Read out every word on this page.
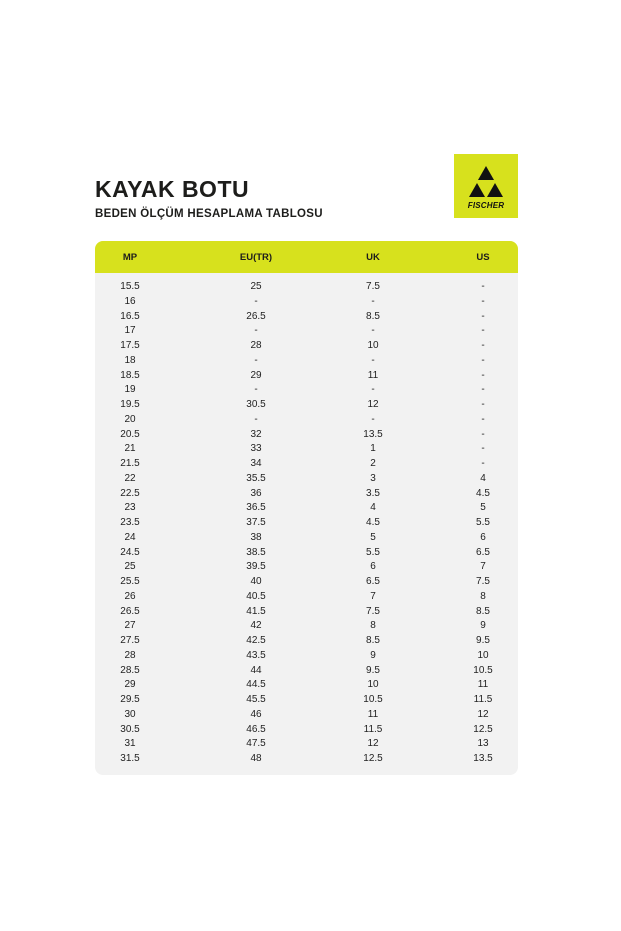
KAYAK BOTU

BEDEN ÖLÇÜM HESAPLAMA TABLOSU

FISCHER
MP	EU(TR)	UK	US
15.5	25	7.5	-
16	-	-	-
16.5	26.5	8.5	-
17	-	-	-
17.5	28	10	-
18	-	-	-
18.5	29	11	-
19	-	-	-
19.5	30.5	12	-
20	-	-	-
20.5	32	13.5	-
21	33	1	-
21.5	34	2	-
22	35.5	3	4
22.5	36	3.5	4.5
23	36.5	4	5
23.5	37.5	4.5	5.5
24	38	5	6
24.5	38.5	5.5	6.5
25	39.5	6	7
25.5	40	6.5	7.5
26	40.5	7	8
26.5	41.5	7.5	8.5
27	42	8	9
27.5	42.5	8.5	9.5
28	43.5	9	10
28.5	44	9.5	10.5
29	44.5	10	11
29.5	45.5	10.5	11.5
30	46	11	12
30.5	46.5	11.5	12.5
31	47.5	12	13
31.5	48	12.5	13.5
